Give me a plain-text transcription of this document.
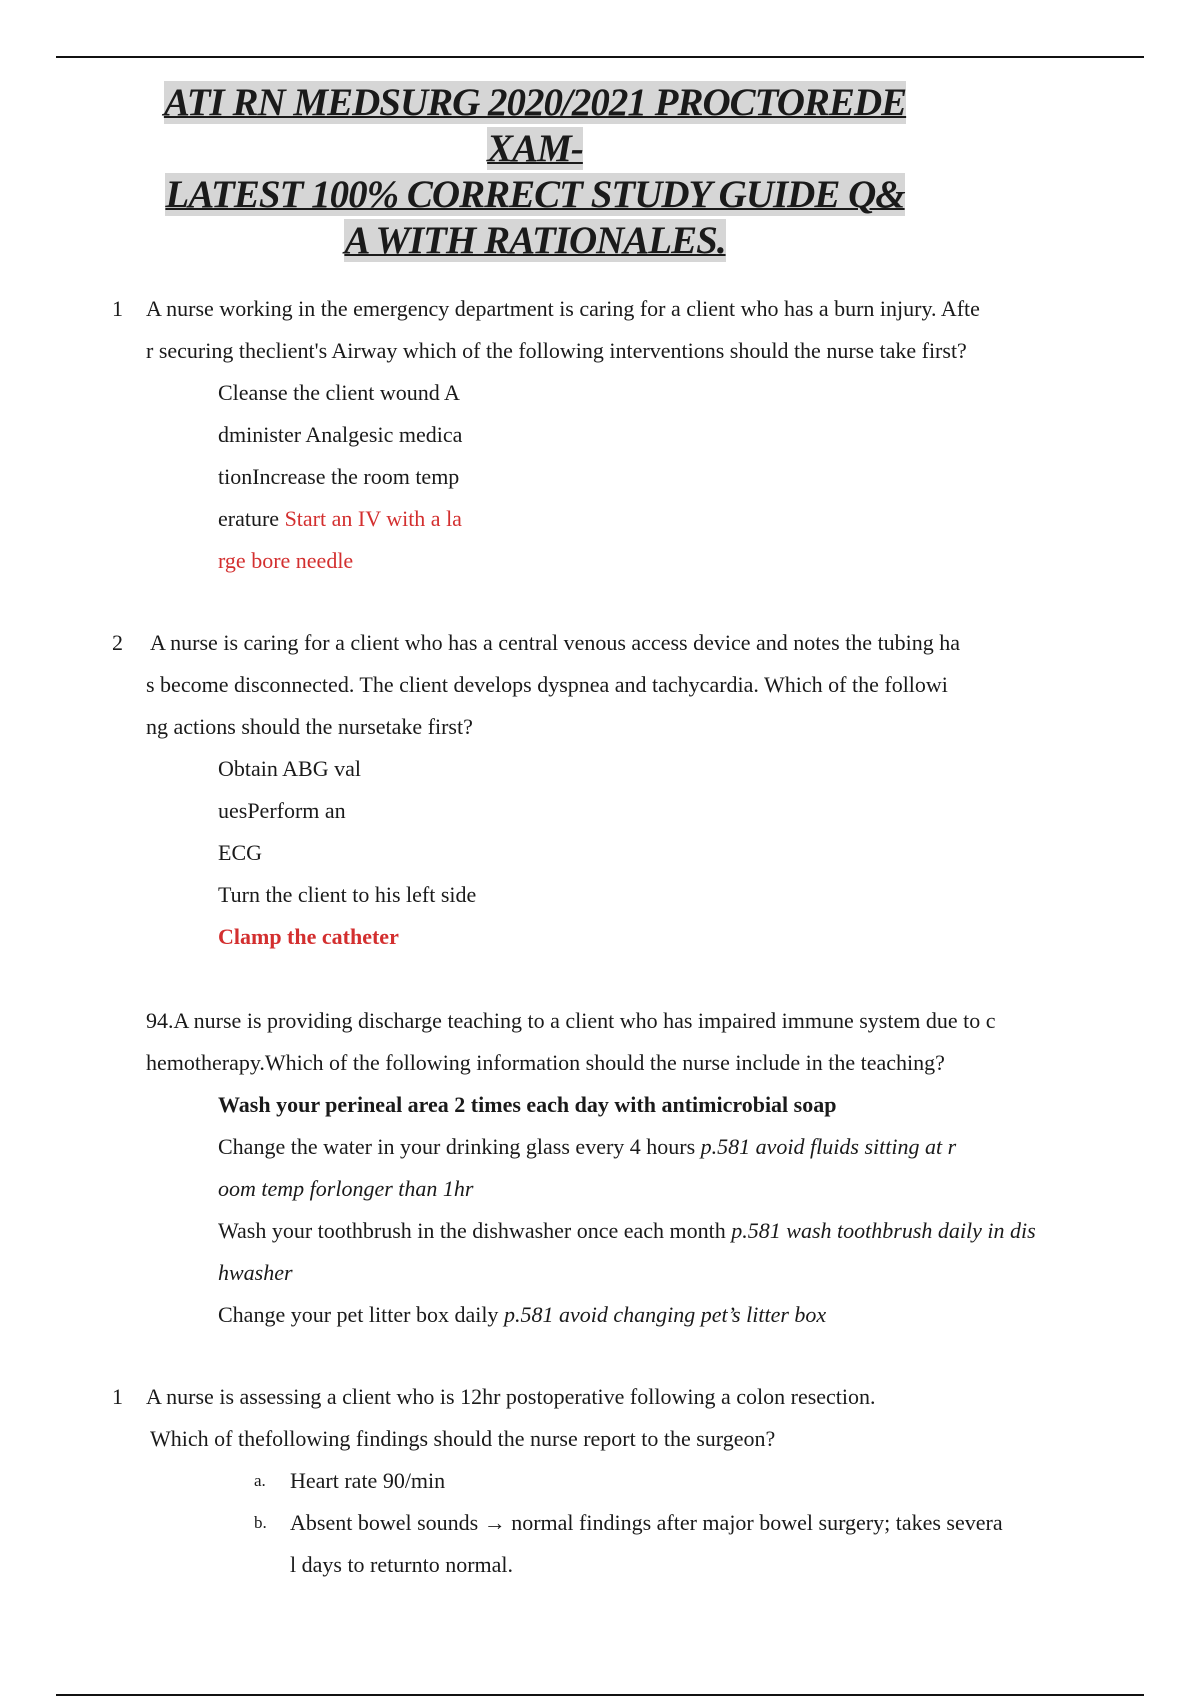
ATI RN MEDSURG 2020/2021 PROCTOREDE
XAM-
LATEST 100% CORRECT STUDY GUIDE Q&
A WITH RATIONALES.
1	A nurse working in the emergency department is caring for a client who has a burn injury. Afte
r securing theclient's Airway which of the following interventions should the nurse take first?
Cleanse the client wound A
dminister Analgesic medica
tionIncrease the room temp
erature Start an IV with a la
rge bore needle
2	A nurse is caring for a client who has a central venous access device and notes the tubing ha
s become disconnected. The client develops dyspnea and tachycardia. Which of the followi
ng actions should the nursetake first?
Obtain ABG val
uesPerform an
ECG
Turn the client to his left side
Clamp the catheter
94.A nurse is providing discharge teaching to a client who has impaired immune system due to c
hemotherapy.Which of the following information should the nurse include in the teaching?
Wash your perineal area 2 times each day with antimicrobial soap
Change the water in your drinking glass every 4 hours p.581 avoid fluids sitting at r
oom temp forlonger than 1hr
Wash your toothbrush in the dishwasher once each month p.581 wash toothbrush daily in dis
hwasher
Change your pet litter box daily p.581 avoid changing pet’s litter box
1	A nurse is assessing a client who is 12hr postoperative following a colon resection.
Which of thefollowing findings should the nurse report to the surgeon?
a. Heart rate 90/min
b. Absent bowel sounds → normal findings after major bowel surgery; takes severa
l days to returnto normal.
